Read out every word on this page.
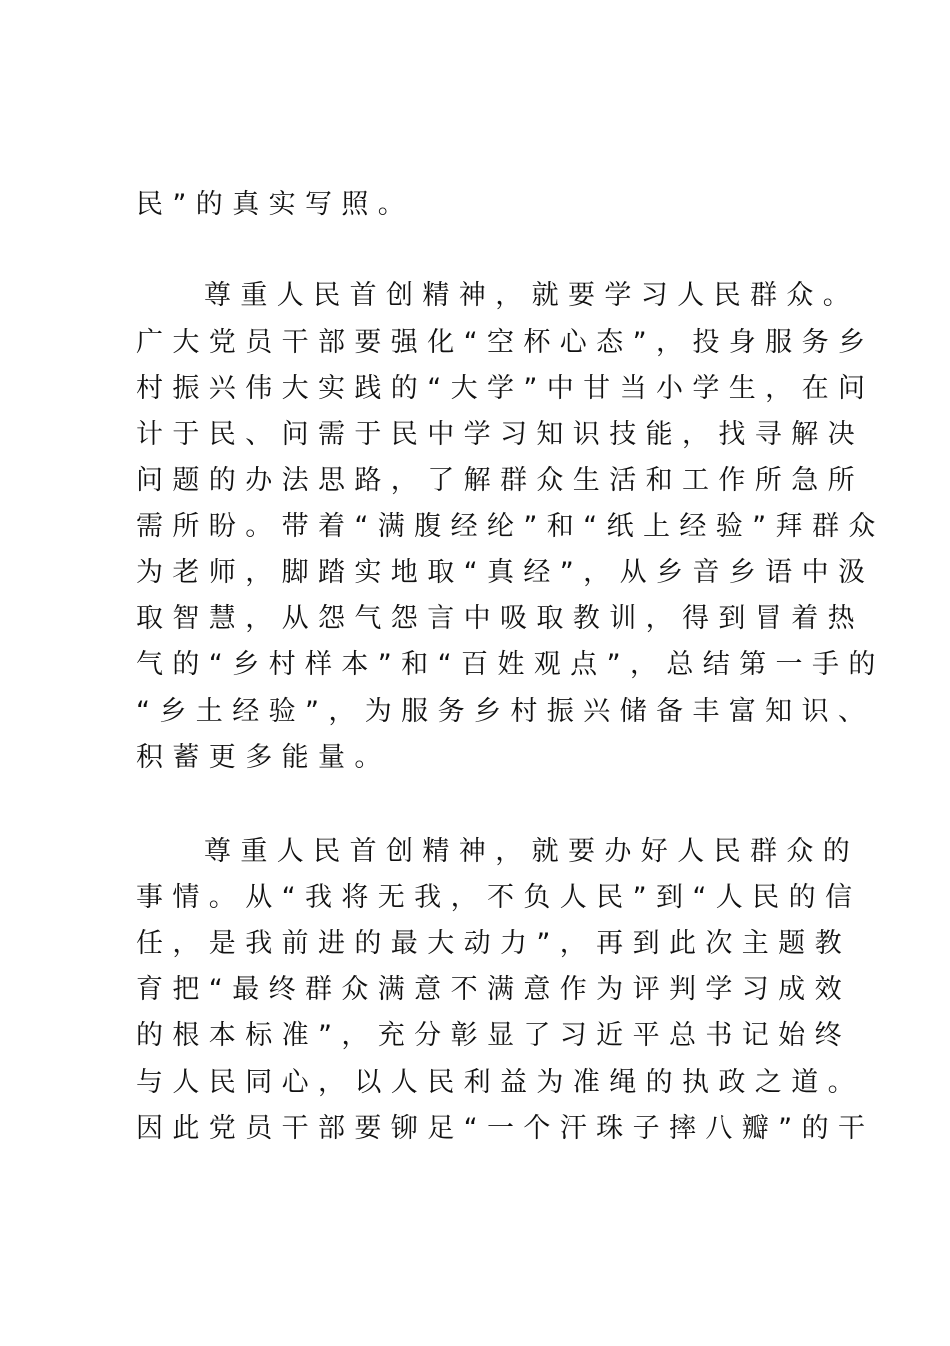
民”的真实写照。
尊重人民首创精神，就要学习人民群众。
广大党员干部要强化“空杯心态”，投身服务乡
村振兴伟大实践的“大学”中甘当小学生，在问
计于民、问需于民中学习知识技能，找寻解决
问题的办法思路，了解群众生活和工作所急所
需所盼。带着“满腹经纶”和“纸上经验”拜群众
为老师，脚踏实地取“真经”，从乡音乡语中汲
取智慧，从怨气怨言中吸取教训，得到冒着热
气的“乡村样本”和“百姓观点”，总结第一手的
“乡土经验”，为服务乡村振兴储备丰富知识、
积蓄更多能量。
尊重人民首创精神，就要办好人民群众的
事情。从“我将无我，不负人民”到“人民的信
任，是我前进的最大动力”，再到此次主题教
育把“最终群众满意不满意作为评判学习成效
的根本标准”，充分彰显了习近平总书记始终
与人民同心，以人民利益为准绳的执政之道。
因此党员干部要铆足“一个汗珠子摔八瓣”的干
